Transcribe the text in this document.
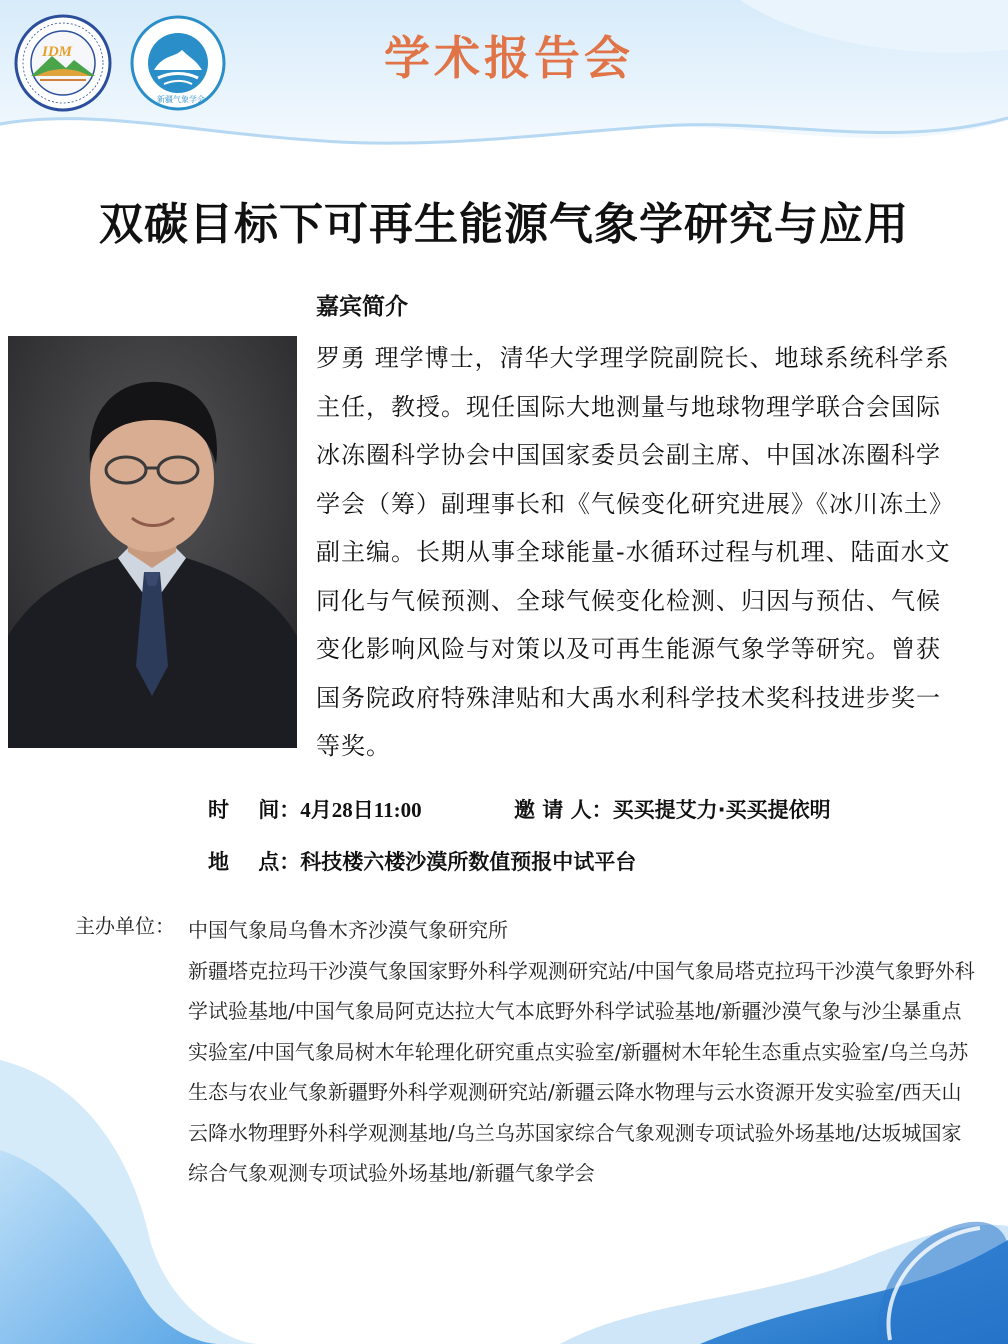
IDM
新疆气象学会
学术报告会
双碳目标下可再生能源气象学研究与应用
嘉宾简介
罗勇 理学博士，清华大学理学院副院长、地球系统科学系主任，教授。现任国际大地测量与地球物理学联合会国际冰冻圈科学协会中国国家委员会副主席、中国冰冻圈科学学会（筹）副理事长和《气候变化研究进展》《冰川冻土》副主编。长期从事全球能量-水循环过程与机理、陆面水文同化与气候预测、全球气候变化检测、归因与预估、气候变化影响风险与对策以及可再生能源气象学等研究。曾获国务院政府特殊津贴和大禹水利科学技术奖科技进步奖一等奖。
时    间：4月28日11:00	邀 请 人：买买提艾力·买买提依明
地    点：科技楼六楼沙漠所数值预报中试平台
主办单位： 中国气象局乌鲁木齐沙漠气象研究所
新疆塔克拉玛干沙漠气象国家野外科学观测研究站/中国气象局塔克拉玛干沙漠气象野外科学试验基地/中国气象局阿克达拉大气本底野外科学试验基地/新疆沙漠气象与沙尘暴重点实验室/中国气象局树木年轮理化研究重点实验室/新疆树木年轮生态重点实验室/乌兰乌苏生态与农业气象新疆野外科学观测研究站/新疆云降水物理与云水资源开发实验室/西天山云降水物理野外科学观测基地/乌兰乌苏国家综合气象观测专项试验外场基地/达坂城国家综合气象观测专项试验外场基地/新疆气象学会
